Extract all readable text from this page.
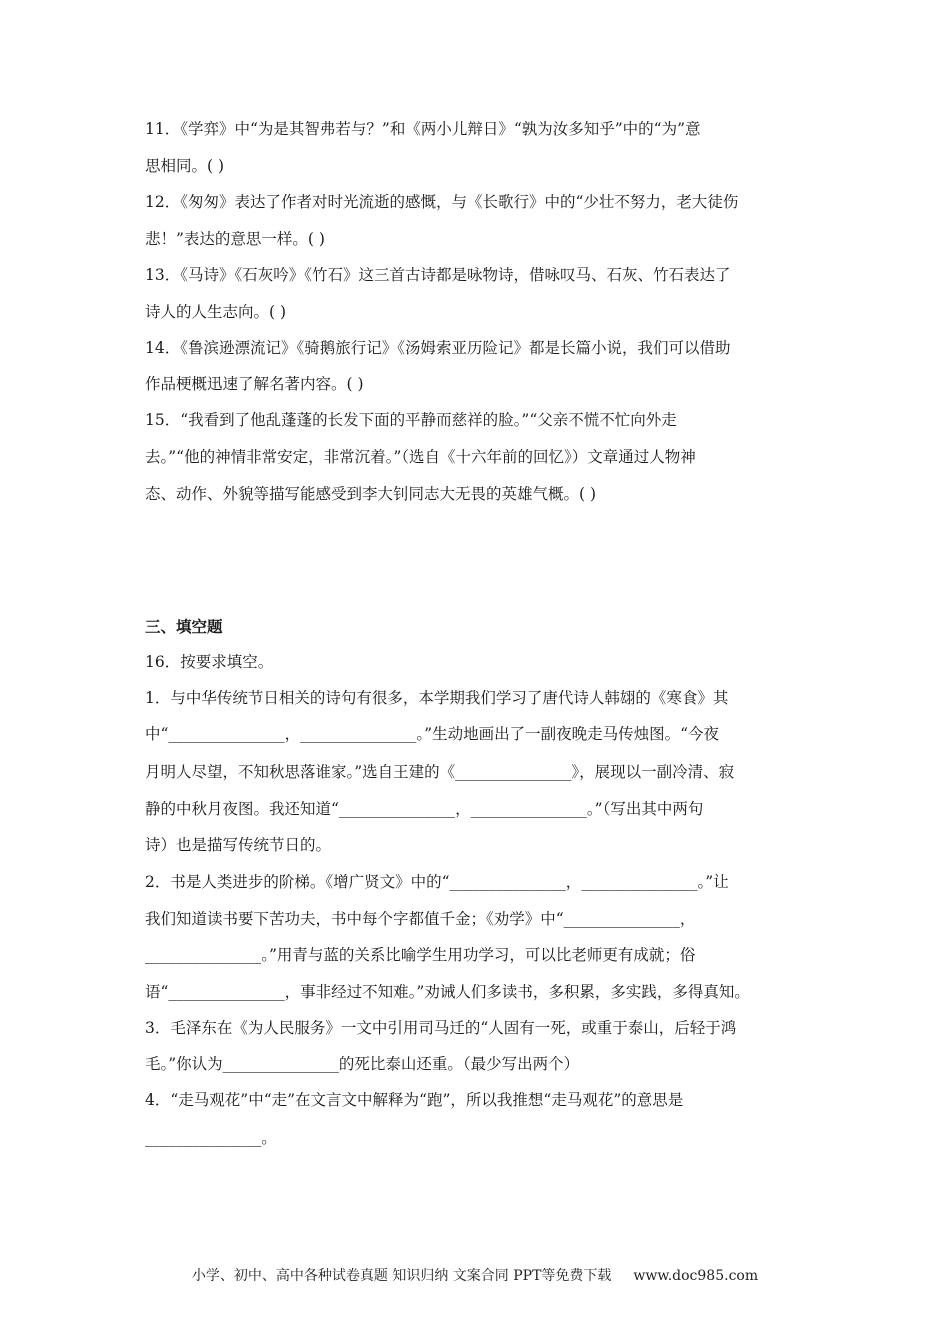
11．《学弈》中“为是其智弗若与？”和《两小儿辩日》“孰为汝多知乎”中的“为”意
思相同。( )
12．《匆匆》表达了作者对时光流逝的感慨，与《长歌行》中的“少壮不努力，老大徒伤
悲！”表达的意思一样。( )
13．《马诗》《石灰吟》《竹石》这三首古诗都是咏物诗，借咏叹马、石灰、竹石表达了
诗人的人生志向。( )
14．《鲁滨逊漂流记》《骑鹅旅行记》《汤姆索亚历险记》都是长篇小说，我们可以借助
作品梗概迅速了解名著内容。( )
15．“我看到了他乱蓬蓬的长发下面的平静而慈祥的脸。”“父亲不慌不忙向外走
去。”“他的神情非常安定，非常沉着。”（选自《十六年前的回忆》）文章通过人物神
态、动作、外貌等描写能感受到李大钊同志大无畏的英雄气概。( )
三、填空题
16．按要求填空。
1．与中华传统节日相关的诗句有很多，本学期我们学习了唐代诗人韩翃的《寒食》其
中“_______________，_______________。”生动地画出了一副夜晚走马传烛图。“今夜
月明人尽望，不知秋思落谁家。”选自王建的《_______________》，展现以一副冷清、寂
静的中秋月夜图。我还知道“_______________，_______________。”（写出其中两句
诗）也是描写传统节日的。
2．书是人类进步的阶梯。《增广贤文》中的“_______________，_______________。”让
我们知道读书要下苦功夫，书中每个字都值千金；《劝学》中“_______________，
_______________。”用青与蓝的关系比喻学生用功学习，可以比老师更有成就；俗
语“_______________，事非经过不知难。”劝诫人们多读书，多积累，多实践，多得真知。
3．毛泽东在《为人民服务》一文中引用司马迁的“人固有一死，或重于泰山，后轻于鸿
毛。”你认为_______________的死比泰山还重。（最少写出两个）
4．“走马观花”中“走”在文言文中解释为“跑”，所以我推想“走马观花”的意思是
_______________。
小学、初中、高中各种试卷真题 知识归纳 文案合同 PPT等免费下载 www.doc985.com
